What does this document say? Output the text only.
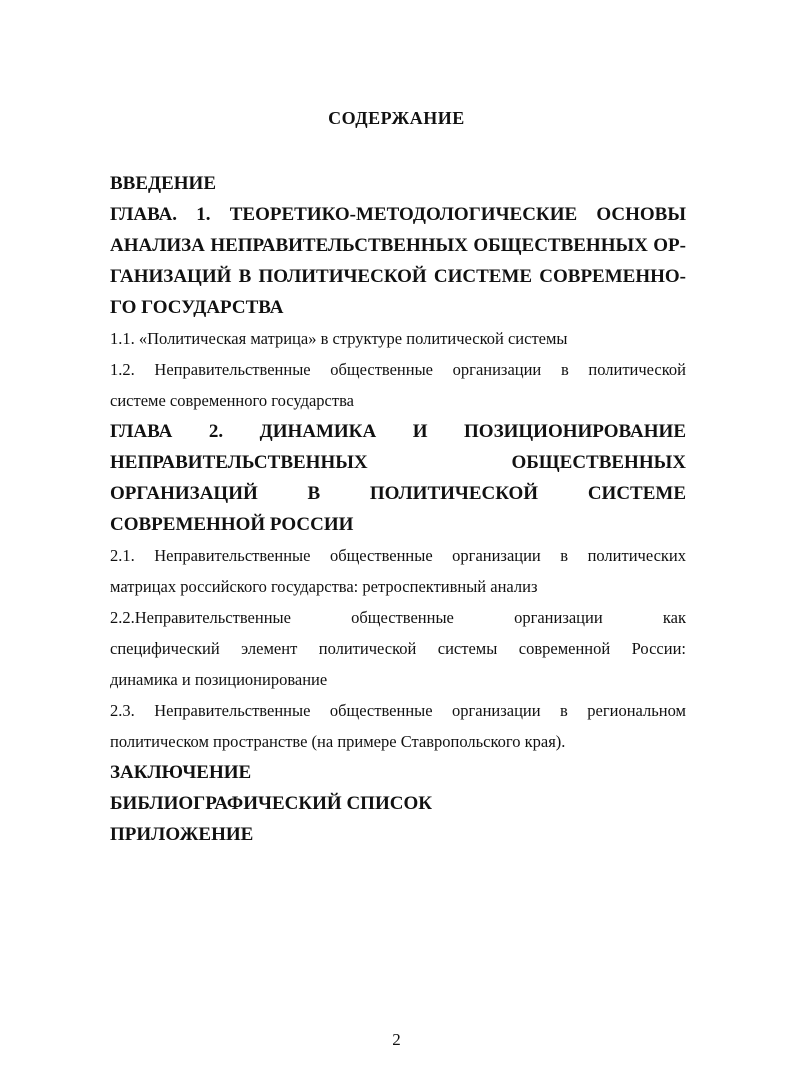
СОДЕРЖАНИЕ

ВВЕДЕНИЕ

ГЛАВА. 1. ТЕОРЕТИКО-МЕТОДОЛОГИЧЕСКИЕ ОСНОВЫ
АНАЛИЗА НЕПРАВИТЕЛЬСТВЕННЫХ ОБЩЕСТВЕННЫХ ОР-
ГАНИЗАЦИЙ В ПОЛИТИЧЕСКОЙ СИСТЕМЕ СОВРЕМЕННО-
ГО ГОСУДАРСТВА

1.1. «Политическая матрица» в структуре политической системы

1.2. Неправительственные общественные организации в политической
системе современного государства

ГЛАВА 2. ДИНАМИКА И ПОЗИЦИОНИРОВАНИЕ
НЕПРАВИТЕЛЬСТВЕННЫХ ОБЩЕСТВЕННЫХ
ОРГАНИЗАЦИЙ В ПОЛИТИЧЕСКОЙ СИСТЕМЕ
СОВРЕМЕННОЙ РОССИИ

2.1. Неправительственные общественные организации в политических
матрицах российского государства: ретроспективный анализ

2.2.Неправительственные общественные организации как
специфический элемент политической системы современной России:
динамика и позиционирование

2.3. Неправительственные общественные организации в региональном
политическом пространстве (на примере Ставропольского края).

ЗАКЛЮЧЕНИЕ

БИБЛИОГРАФИЧЕСКИЙ СПИСОК

ПРИЛОЖЕНИЕ

2
